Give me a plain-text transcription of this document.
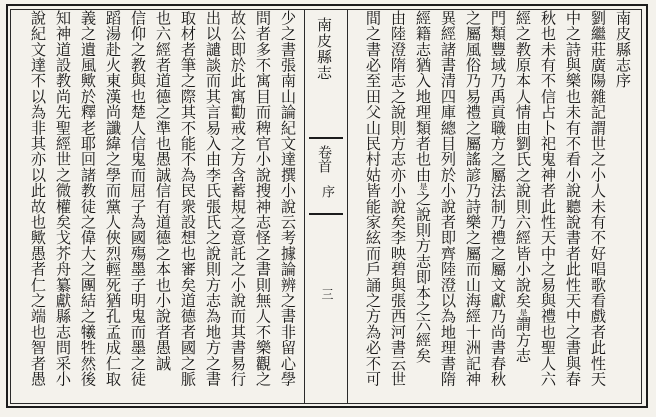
南皮縣志序
劉繼莊廣陽雜記謂世之小人未有不好唱歌看戲者此性天
中之詩與樂也未有不看小說聽說書者此性天中之書與春
秋也未有不信占卜祀鬼神者此性天中之易與禮也聖人六
經之教原本人情由劉氏之說則六經皆小說矣是謂方志
門類豐域乃禹貢職方之屬法制乃禮之屬文獻乃尚書春秋
之屬風俗乃易禮之屬謠諺乃詩樂之屬而山海經十洲記神
異經諸書清四庫總目列於小說者即齊陸澄以為地理書隋
經籍志猶入地理類者也由是之說則方志即本之六經矣
由陸澄隋志之說則方志亦小說矣李映碧與張西河書云世
間之書必至田父山民村姑皆能家絃而戶誦之方為必不可
南皮縣志
卷首
序
三
少之書張南山論紀文達撰小說云考據論辨之書非留心學
問者多不寓目而稗官小說搜神志怪之書則無人不樂觀之
故公即於此寓勸戒之方含蓄規之意託之小說而其書易行
出以譴談而其言易入由李氏張氏之說則方志為地方之書
取材者筆之際其不能不為民衆設想也審矣道德者國之脈
也六經者道德之準也愚誠信有道德之本也小說者愚誠
信仰之教與也楚人信鬼而屈子為國殤墨子明鬼而墨之徒
蹈湯赴火東漢尚讖緯之學而黨人俠烈輕死猶孔孟成仁取
義之遺風歟於釋老耶回諸教徒之偉大之團結之犧牲然後
知神道設教尚先聖經世之微權矣戈芥舟纂獻縣志問采小
說紀文達不以為非其亦以此故也歟愚者仁之端也智者愚
